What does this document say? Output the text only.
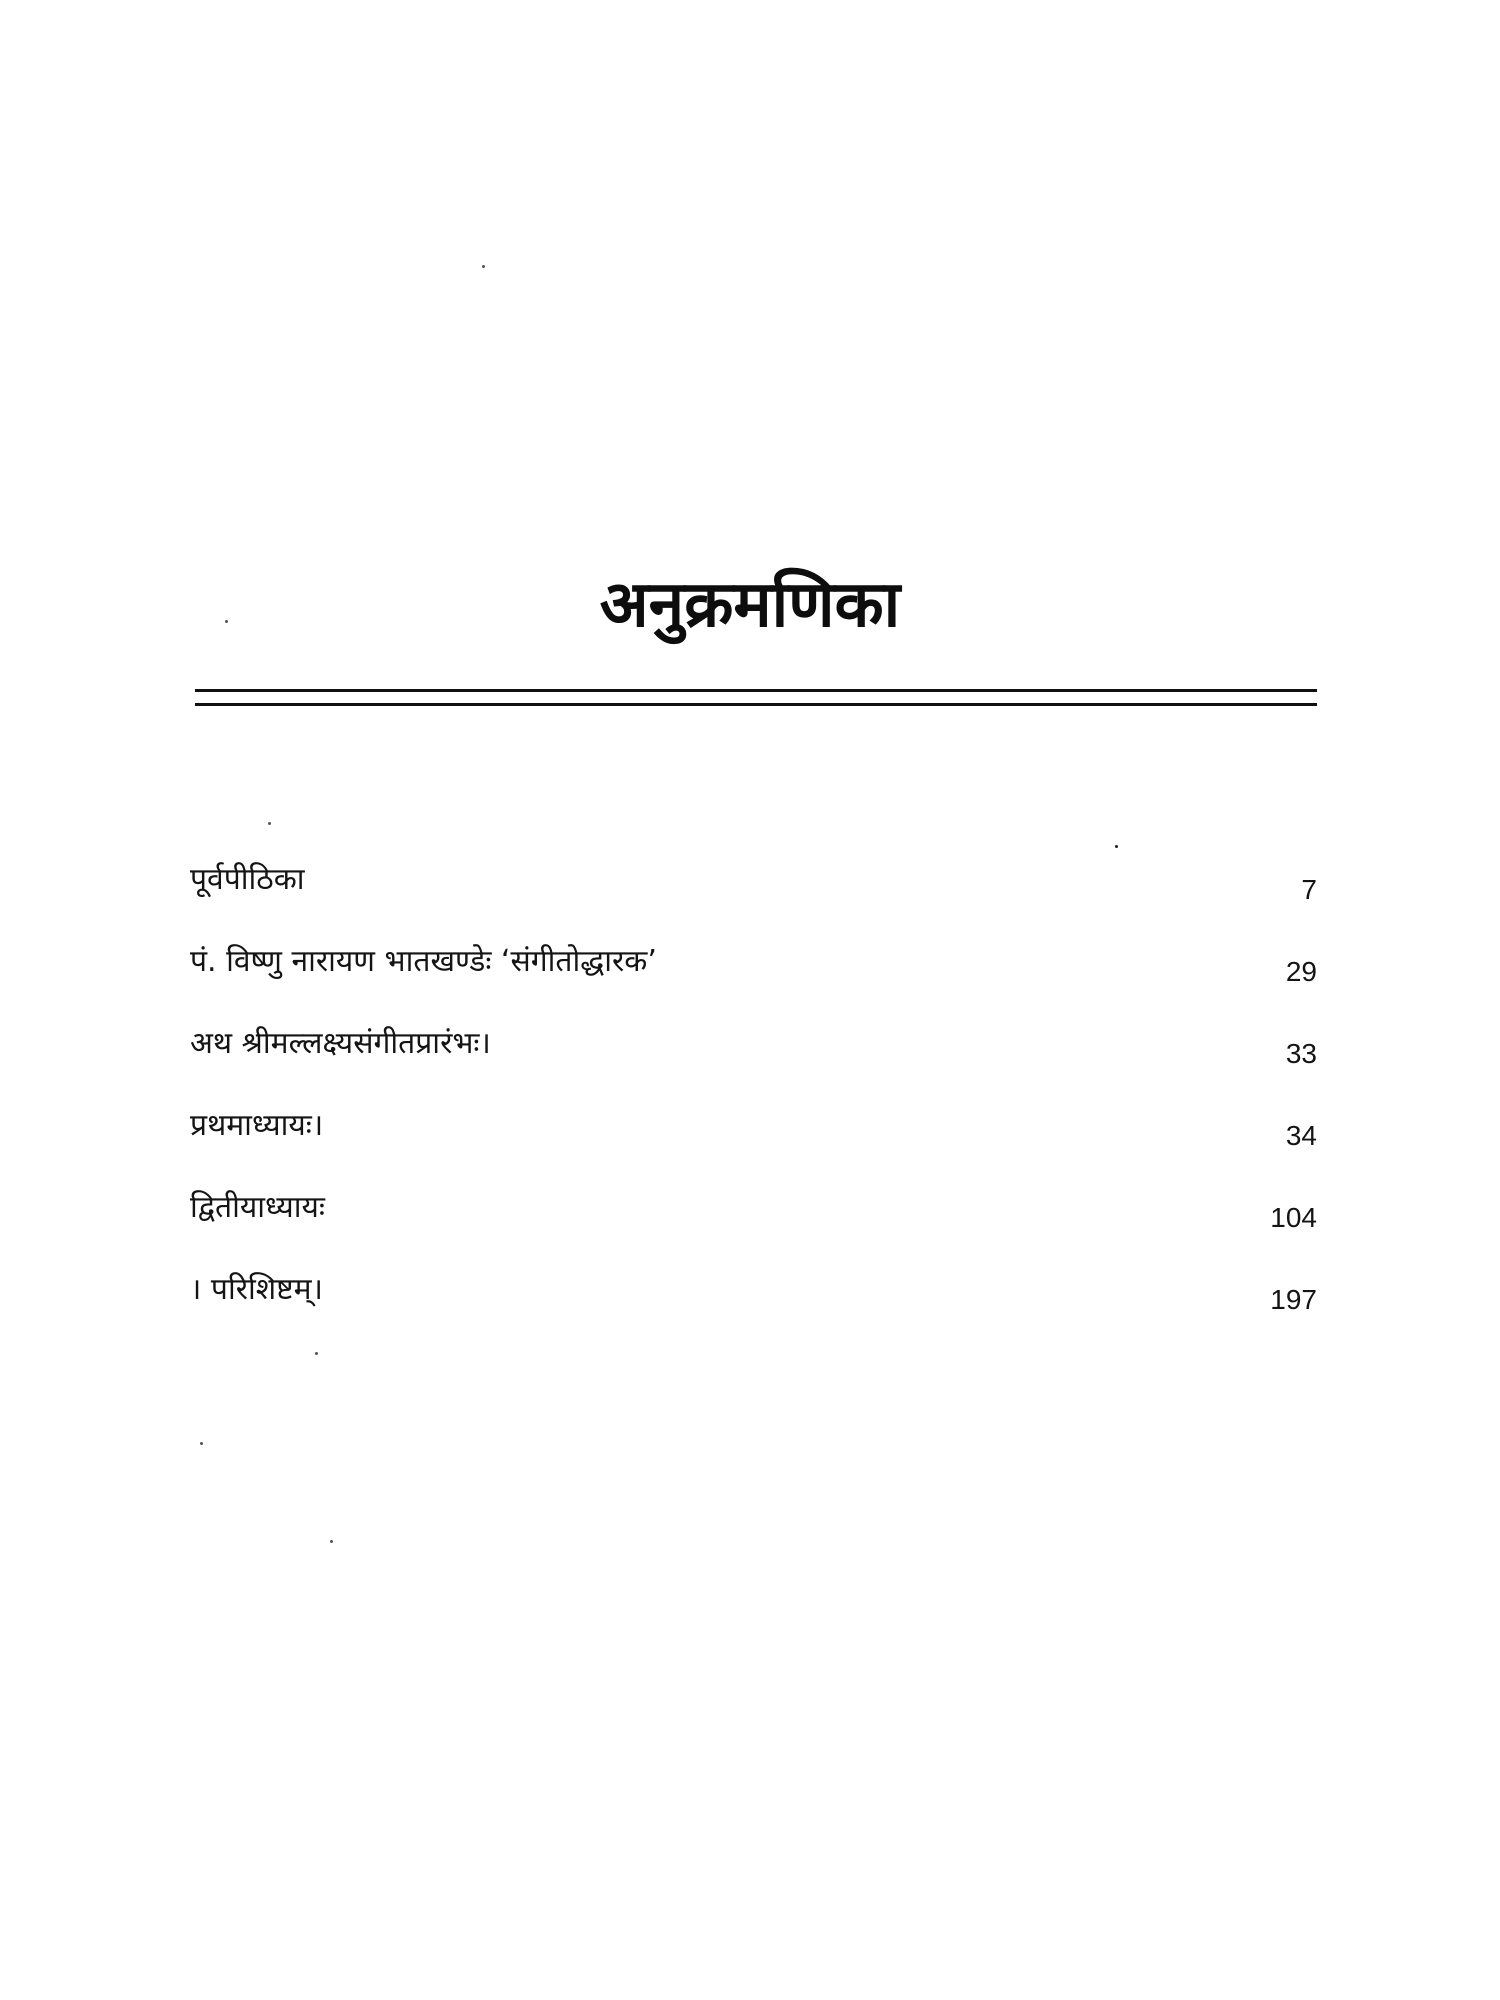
अनुक्रमणिका
पूर्वपीठिका	7
पं. विष्णु नारायण भातखण्डेः ‘संगीतोद्धारक’	29
अथ श्रीमल्लक्ष्यसंगीतप्रारंभः।	33
प्रथमाध्यायः।	34
द्वितीयाध्यायः	104
। परिशिष्टम्।	197
